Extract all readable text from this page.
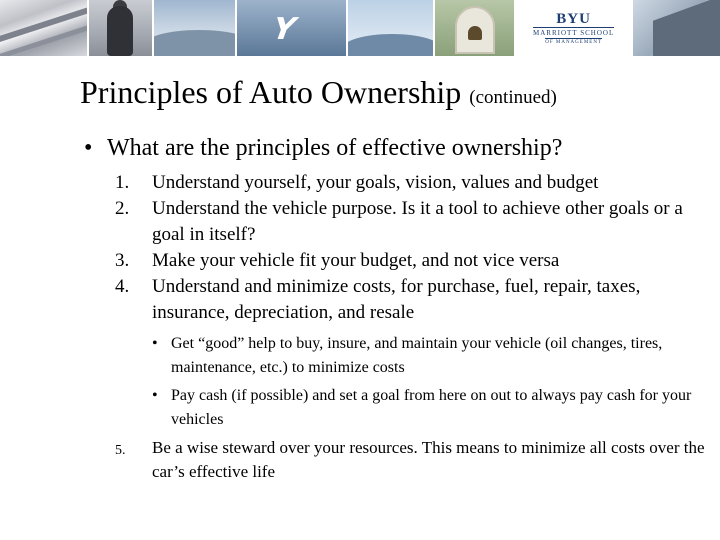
Y	BYU
MARRIOTT SCHOOL
OF MANAGEMENT
Principles of Auto Ownership (continued)
• What are the principles of effective ownership?
1. Understand yourself, your goals, vision, values and budget
2. Understand the vehicle purpose. Is it a tool to achieve other goals or a goal in itself?
3. Make your vehicle fit your budget, and not vice versa
4. Understand and minimize costs, for purchase, fuel, repair, taxes, insurance, depreciation, and resale
• Get “good” help to buy, insure, and maintain your vehicle (oil changes, tires, maintenance, etc.) to minimize costs
• Pay cash (if possible) and set a goal from here on out to always pay cash for your vehicles
5. Be a wise steward over your resources. This means to minimize all costs over the car’s effective life
